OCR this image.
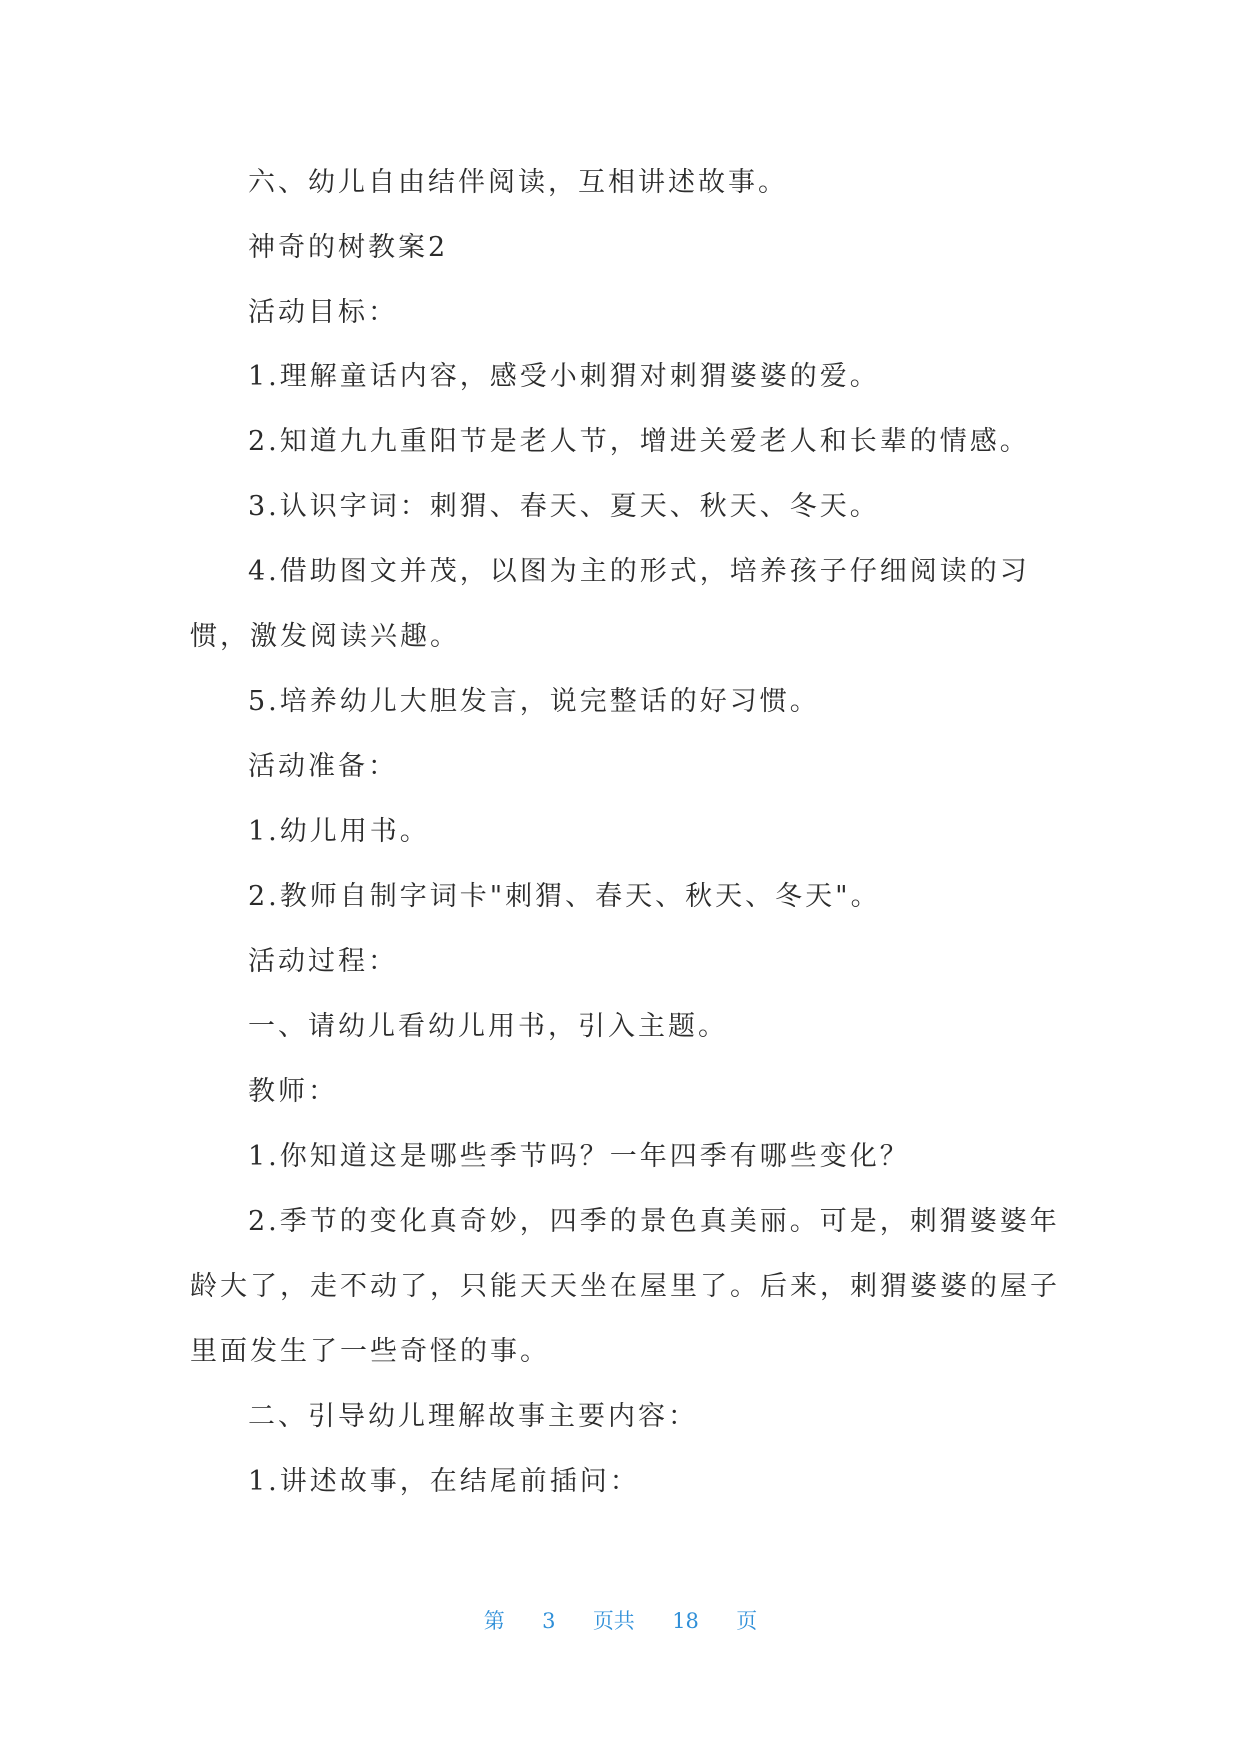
六、幼儿自由结伴阅读，互相讲述故事。
神奇的树教案2
活动目标：
1.理解童话内容，感受小刺猬对刺猬婆婆的爱。
2.知道九九重阳节是老人节，增进关爱老人和长辈的情感。
3.认识字词：刺猬、春天、夏天、秋天、冬天。
4.借助图文并茂，以图为主的形式，培养孩子仔细阅读的习
惯，激发阅读兴趣。
5.培养幼儿大胆发言，说完整话的好习惯。
活动准备：
1.幼儿用书。
2.教师自制字词卡"刺猬、春天、秋天、冬天"。
活动过程：
一、请幼儿看幼儿用书，引入主题。
教师：
1.你知道这是哪些季节吗？一年四季有哪些变化？
2.季节的变化真奇妙，四季的景色真美丽。可是，刺猬婆婆年
龄大了，走不动了，只能天天坐在屋里了。后来，刺猬婆婆的屋子
里面发生了一些奇怪的事。
二、引导幼儿理解故事主要内容：
1.讲述故事，在结尾前插问：
第 3 页共 18 页
